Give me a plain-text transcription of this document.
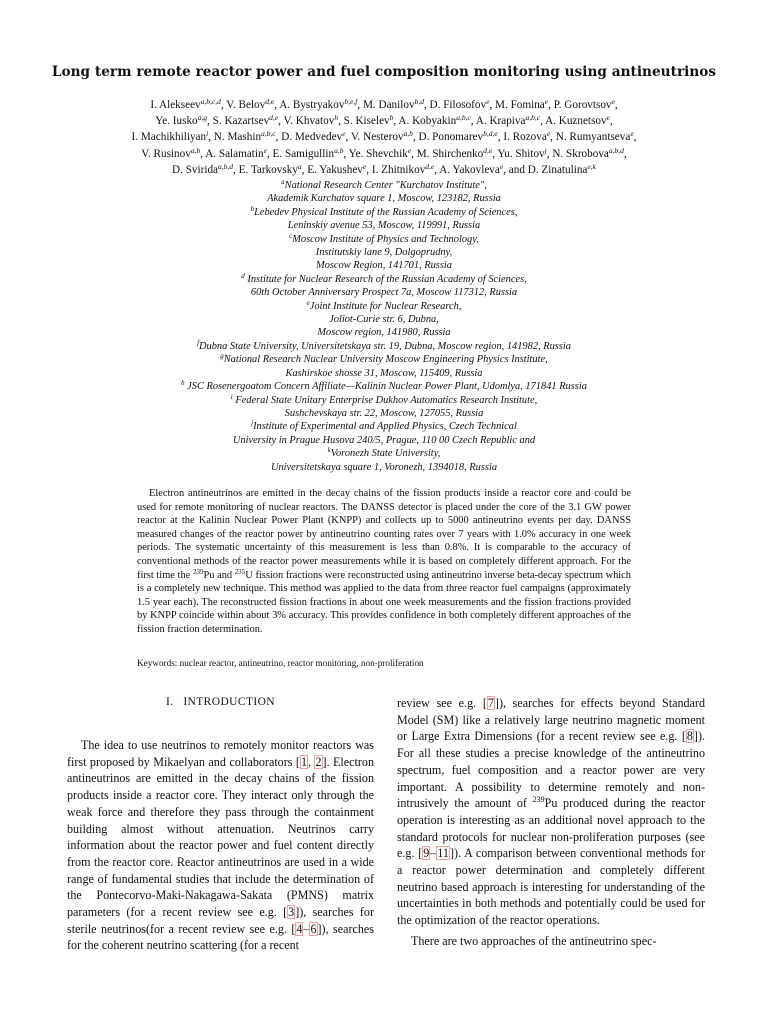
Long term remote reactor power and fuel composition monitoring using antineutrinos
I. Alekseev$^{a,b,c,d}$, V. Belov$^{d,e}$, A. Bystryakov$^{b,e,f}$, M. Danilov$^{b,d}$, D. Filosofov$^e$, M. Fomina$^e$, P. Gorovtsov$^e$,
Ye. Iusko$^{a,g}$, S. Kazartsev$^{d,e}$, V. Khvatov$^h$, S. Kiselev$^b$, A. Kobyakin$^{a,b,c}$, A. Krapiva$^{a,b,c}$, A. Kuznetsov$^e$,
I. Machikhiliyan$^i$, N. Mashin$^{a,b,c}$, D. Medvedev$^e$, V. Nesterov$^{a,b}$, D. Ponomarev$^{b,d,e}$, I. Rozova$^e$, N. Rumyantseva$^e$,
V. Rusinov$^{a,b}$, A. Salamatin$^e$, E. Samigullin$^{a,b}$, Ye. Shevchik$^e$, M. Shirchenko$^{d,e}$, Yu. Shitov$^j$, N. Skrobova$^{a,b,d}$,
D. Svirida$^{a,b,d}$, E. Tarkovsky$^a$, E. Yakushev$^e$, I. Zhitnikov$^{d,e}$, A. Yakovleva$^e$, and D. Zinatulina$^{e,k}$
$^a$National Research Center "Kurchatov Institute",
Akademik Kurchatov square 1, Moscow, 123182, Russia
$^b$Lebedev Physical Institute of the Russian Academy of Sciences,
Leninskiy avenue 53, Moscow, 119991, Russia
$^c$Moscow Institute of Physics and Technology,
Institutskiy lane 9, Dolgoprudny,
Moscow Region, 141701, Russia
$^d$ Institute for Nuclear Research of the Russian Academy of Sciences,
60th October Anniversary Prospect 7a, Moscow 117312, Russia
$^e$Joint Institute for Nuclear Research,
Joliot-Curie str. 6, Dubna,
Moscow region, 141980, Russia
$^f$Dubna State University, Universitetskaya str. 19, Dubna, Moscow region, 141982, Russia
$^g$National Research Nuclear University Moscow Engineering Physics Institute,
Kashirskoe shosse 31, Moscow, 115409, Russia
$^h$ JSC Rosenergoatom Concern Affiliate—Kalinin Nuclear Power Plant, Udomlya, 171841 Russia
$^i$ Federal State Unitary Enterprise Dukhov Automatics Research Institute,
Sushchevskaya str. 22, Moscow, 127055, Russia
$^j$Institute of Experimental and Applied Physics, Czech Technical
University in Prague Husova 240/5, Prague, 110 00 Czech Republic and
$^k$Voronezh State University,
Universitetskaya square 1, Voronezh, 1394018, Russia
Electron antineutrinos are emitted in the decay chains of the fission products inside a reactor core and could be used for remote monitoring of nuclear reactors. The DANSS detector is placed under the core of the 3.1 GW power reactor at the Kalinin Nuclear Power Plant (KNPP) and collects up to 5000 antineutrino events per day. DANSS measured changes of the reactor power by antineutrino counting rates over 7 years with 1.0% accuracy in one week periods. The systematic uncertainty of this measurement is less than 0.8%. It is comparable to the accuracy of conventional methods of the reactor power measurements while it is based on completely different approach. For the first time the $^{239}$Pu and $^{235}$U fission fractions were reconstructed using antineutrino inverse beta-decay spectrum which is a completely new technique. This method was applied to the data from three reactor fuel campaigns (approximately 1.5 year each). The reconstructed fission fractions in about one week measurements and the fission fractions provided by KNPP coincide within about 3% accuracy. This provides confidence in both completely different approaches of the fission fraction determination.
Keywords: nuclear reactor, antineutrino, reactor monitoring, non-proliferation
I. INTRODUCTION

The idea to use neutrinos to remotely monitor reactors was first proposed by Mikaelyan and collaborators [1, 2]. Electron antineutrinos are emitted in the decay chains of the fission products inside a reactor core. They interact only through the weak force and therefore they pass through the containment building almost without attenuation. Neutrinos carry information about the reactor power and fuel content directly from the reactor core. Reactor antineutrinos are used in a wide range of fundamental studies that include the determination of the Pontecorvo-Maki-Nakagawa-Sakata (PMNS) matrix parameters (for a recent review see e.g. [3]), searches for sterile neutrinos(for a recent review see e.g. [4–6]), searches for the coherent neutrino scattering (for a recent

review see e.g. [7]), searches for effects beyond Standard Model (SM) like a relatively large neutrino magnetic moment or Large Extra Dimensions (for a recent review see e.g. [8]). For all these studies a precise knowledge of the antineutrino spectrum, fuel composition and a reactor power are very important. A possibility to determine remotely and non-intrusively the amount of $^{239}$Pu produced during the reactor operation is interesting as an additional novel approach to the standard protocols for nuclear non-proliferation purposes (see e.g. [9–11]). A comparison between conventional methods for a reactor power determination and completely different neutrino based approach is interesting for understanding of the uncertainties in both methods and potentially could be used for the optimization of the reactor operations.

There are two approaches of the antineutrino spec-
